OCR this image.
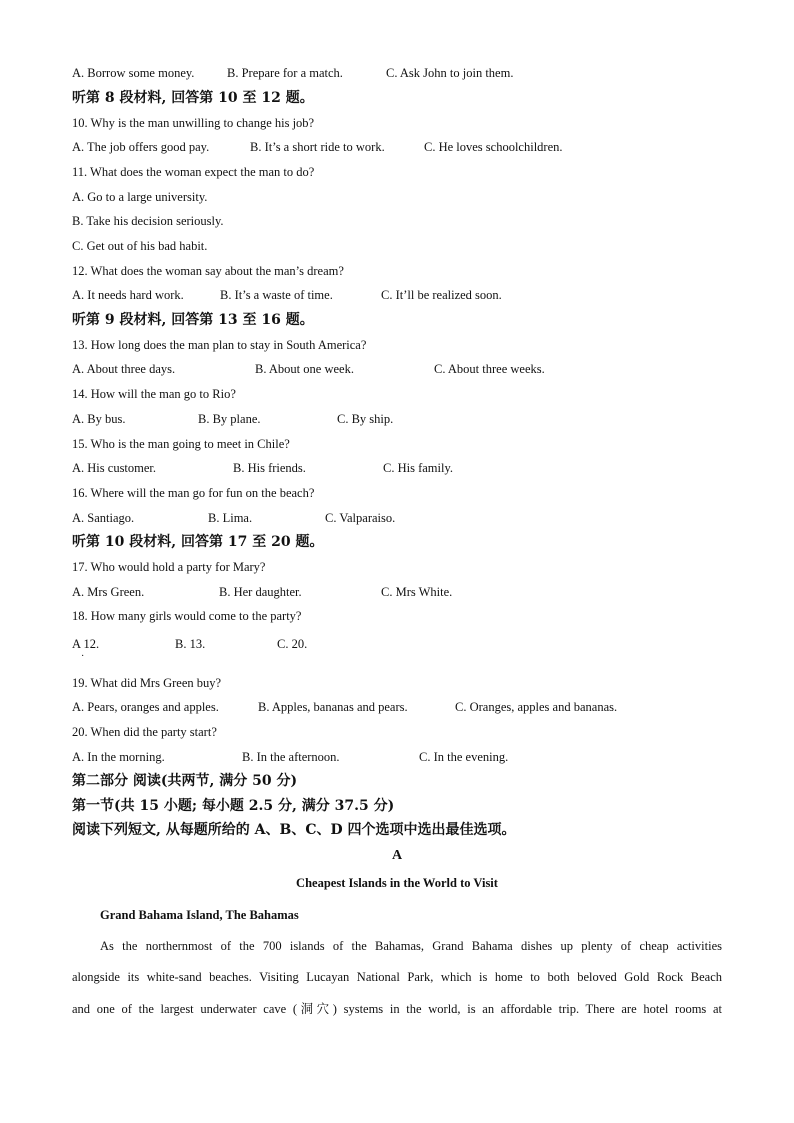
A. Borrow some money.	B. Prepare for a match.	C. Ask John to join them.
听第 8 段材料, 回答第 10 至 12 题。
10. Why is the man unwilling to change his job?
A. The job offers good pay.	B. It’s a short ride to work.	C. He loves schoolchildren.
11. What does the woman expect the man to do?
A. Go to a large university.
B. Take his decision seriously.
C. Get out of his bad habit.
12. What does the woman say about the man’s dream?
A. It needs hard work.	B. It’s a waste of time.	C. It’ll be realized soon.
听第 9 段材料, 回答第 13 至 16 题。
13. How long does the man plan to stay in South America?
A. About three days.	B. About one week.	C. About three weeks.
14. How will the man go to Rio?
A. By bus.	B. By plane.	C. By ship.
15. Who is the man going to meet in Chile?
A. His customer.	B. His friends.	C. His family.
16. Where will the man go for fun on the beach?
A. Santiago.	B. Lima.	C. Valparaiso.
听第 10 段材料, 回答第 17 至 20 题。
17. Who would hold a party for Mary?
A. Mrs Green.	B. Her daughter.	C. Mrs White.
18. How many girls would come to the party?
A 12.
·
B. 13.	C. 20.
19. What did Mrs Green buy?
A. Pears, oranges and apples.	B. Apples, bananas and pears.	C. Oranges, apples and bananas.
20. When did the party start?
A. In the morning.	B. In the afternoon.	C. In the evening.
第二部分 阅读(共两节, 满分 50 分)
第一节(共 15 小题; 每小题 2.5 分, 满分 37.5 分)
阅读下列短文, 从每题所给的 A、B、C、D 四个选项中选出最佳选项。
A
Cheapest Islands in the World to Visit
Grand Bahama Island, The Bahamas
As the northernmost of the 700 islands of the Bahamas, Grand Bahama dishes up plenty of cheap activities
alongside its white-sand beaches. Visiting Lucayan National Park, which is home to both beloved Gold Rock Beach
and one of the largest underwater cave (洞穴) systems in the world, is an affordable trip. There are hotel rooms at
